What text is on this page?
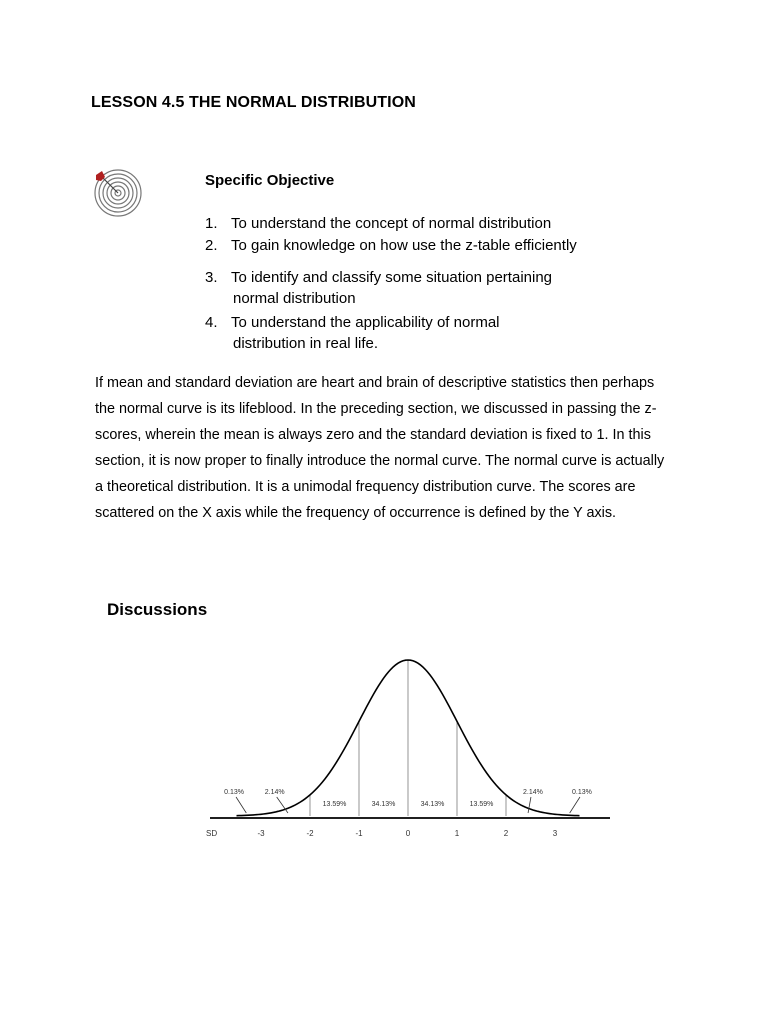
LESSON 4.5 THE NORMAL DISTRIBUTION
Specific Objective
1. To understand the concept of normal distribution
2. To gain knowledge on how use the z-table efficiently
3. To identify and classify some situation pertaining
normal distribution
4. To understand the applicability of normal
distribution in real life.
If mean and standard deviation are heart and brain of descriptive statistics then perhaps the normal curve is its lifeblood. In the preceding section, we discussed in passing the z-scores, wherein the mean is always zero and the standard deviation is fixed to 1. In this section, it is now proper to finally introduce the normal curve. The normal curve is actually a theoretical distribution. It is a unimodal frequency distribution curve. The scores are scattered on the X axis while the frequency of occurrence is defined by the Y axis.
Discussions
0.13%	2.14%
13.59%	34.13%	34.13%	13.59%
2.14%	0.13%
SD	-3	-2	-1	0	1	2	3
